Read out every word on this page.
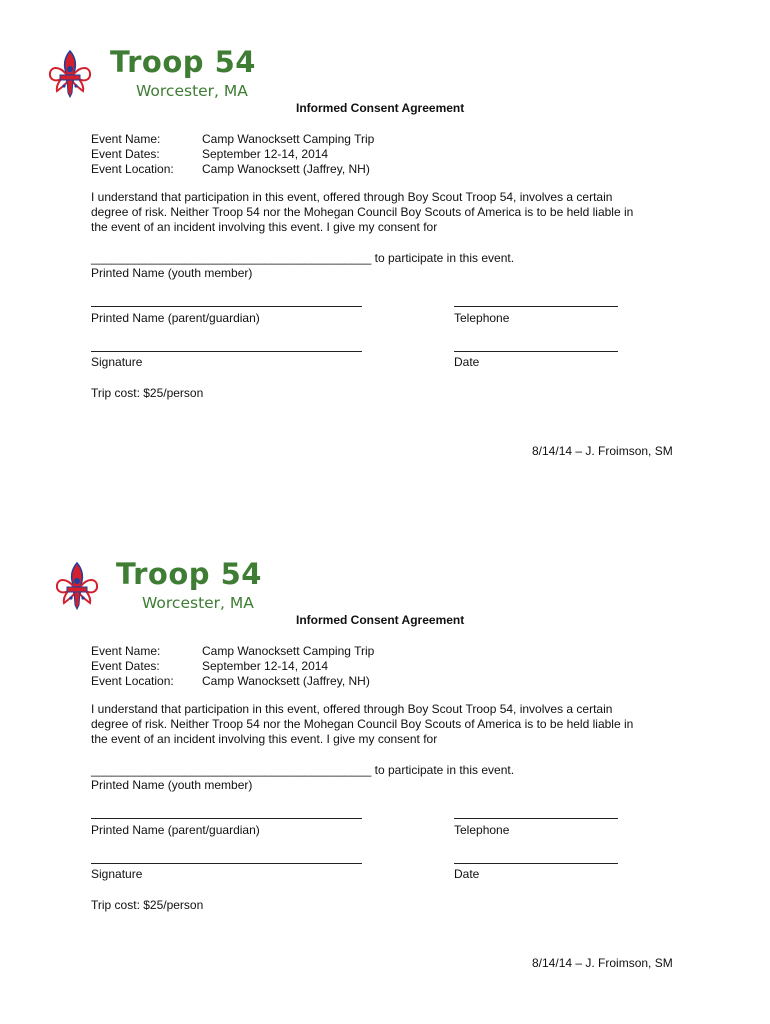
Troop 54
Worcester, MA
Informed Consent Agreement
Event Name:	Camp Wanocksett Camping Trip
Event Dates:	September 12-14, 2014
Event Location: Camp Wanocksett (Jaffrey, NH)
I understand that participation in this event, offered through Boy Scout Troop 54, involves a certain
degree of risk. Neither Troop 54 nor the Mohegan Council Boy Scouts of America is to be held liable in
the event of an incident involving this event. I give my consent for
__________________________________________ to participate in this event.
Printed Name (youth member)
Printed Name (parent/guardian)	Telephone
Signature	Date
Trip cost: $25/person
8/14/14 – J. Froimson, SM
Troop 54
Worcester, MA
Informed Consent Agreement
Event Name:	Camp Wanocksett Camping Trip
Event Dates:	September 12-14, 2014
Event Location: Camp Wanocksett (Jaffrey, NH)
I understand that participation in this event, offered through Boy Scout Troop 54, involves a certain
degree of risk. Neither Troop 54 nor the Mohegan Council Boy Scouts of America is to be held liable in
the event of an incident involving this event. I give my consent for
__________________________________________ to participate in this event.
Printed Name (youth member)
Printed Name (parent/guardian)	Telephone
Signature	Date
Trip cost: $25/person
8/14/14 – J. Froimson, SM
